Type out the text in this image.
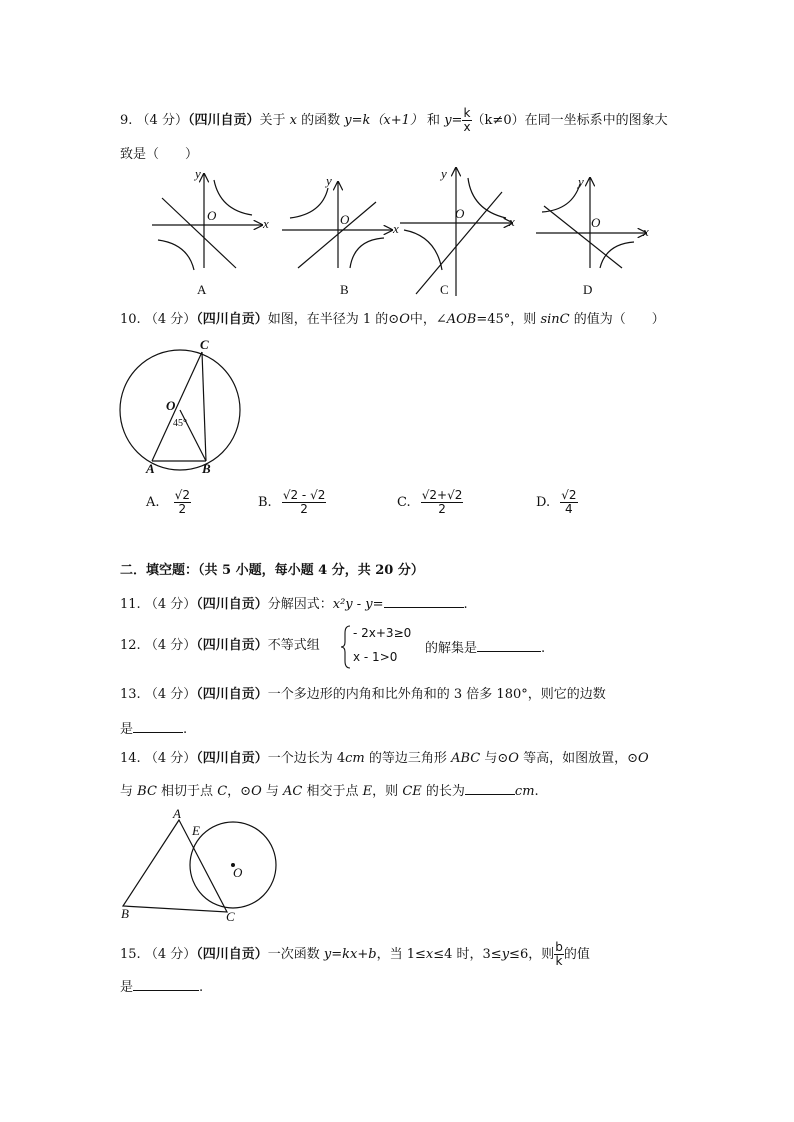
9. （4 分）（四川自贡）关于 x 的函数 y=k（x+1） 和 $y= \frac{k}{x} (k\ne 0)$在同一坐标系中的图象大
致是（　　）
y
x
O
y
x
O
y
x
O
y
x
O
A	B	C	D
10. （4 分）（四川自贡）如图，在半径为 1 的⊙O中，∠AOB=45°，则 sinC 的值为（　　）
C
O
45°
A	B
A. $\frac{√2}{2}$	B. $\frac{√2 - √2}{2}$	C. $\frac{√2+√2}{2}$	D. $\frac{√2}{4}$
二．填空题：（共 5 小题，每小题 4 分，共 20 分）
11. （4 分）（四川自贡）分解因式：x²y - y=	.
12. （4 分）（四川自贡）不等式组
- 2x+3≥0
x - 1>0
的解集是	.
13. （4 分）（四川自贡）一个多边形的内角和比外角和的 3 倍多 180°，则它的边数
是	.
14. （4 分）（四川自贡）一个边长为 4cm 的等边三角形 ABC 与⊙O 等高，如图放置，⊙O
与 BC 相切于点 C，⊙O 与 AC 相交于点 E，则 CE 的长为	cm.
A
E
O
B	C
15. （4 分）（四川自贡）一次函数 y=kx+b，当 1≤x≤4 时，3≤y≤6，则 $\frac{b}{k}$ 的值
是	.
